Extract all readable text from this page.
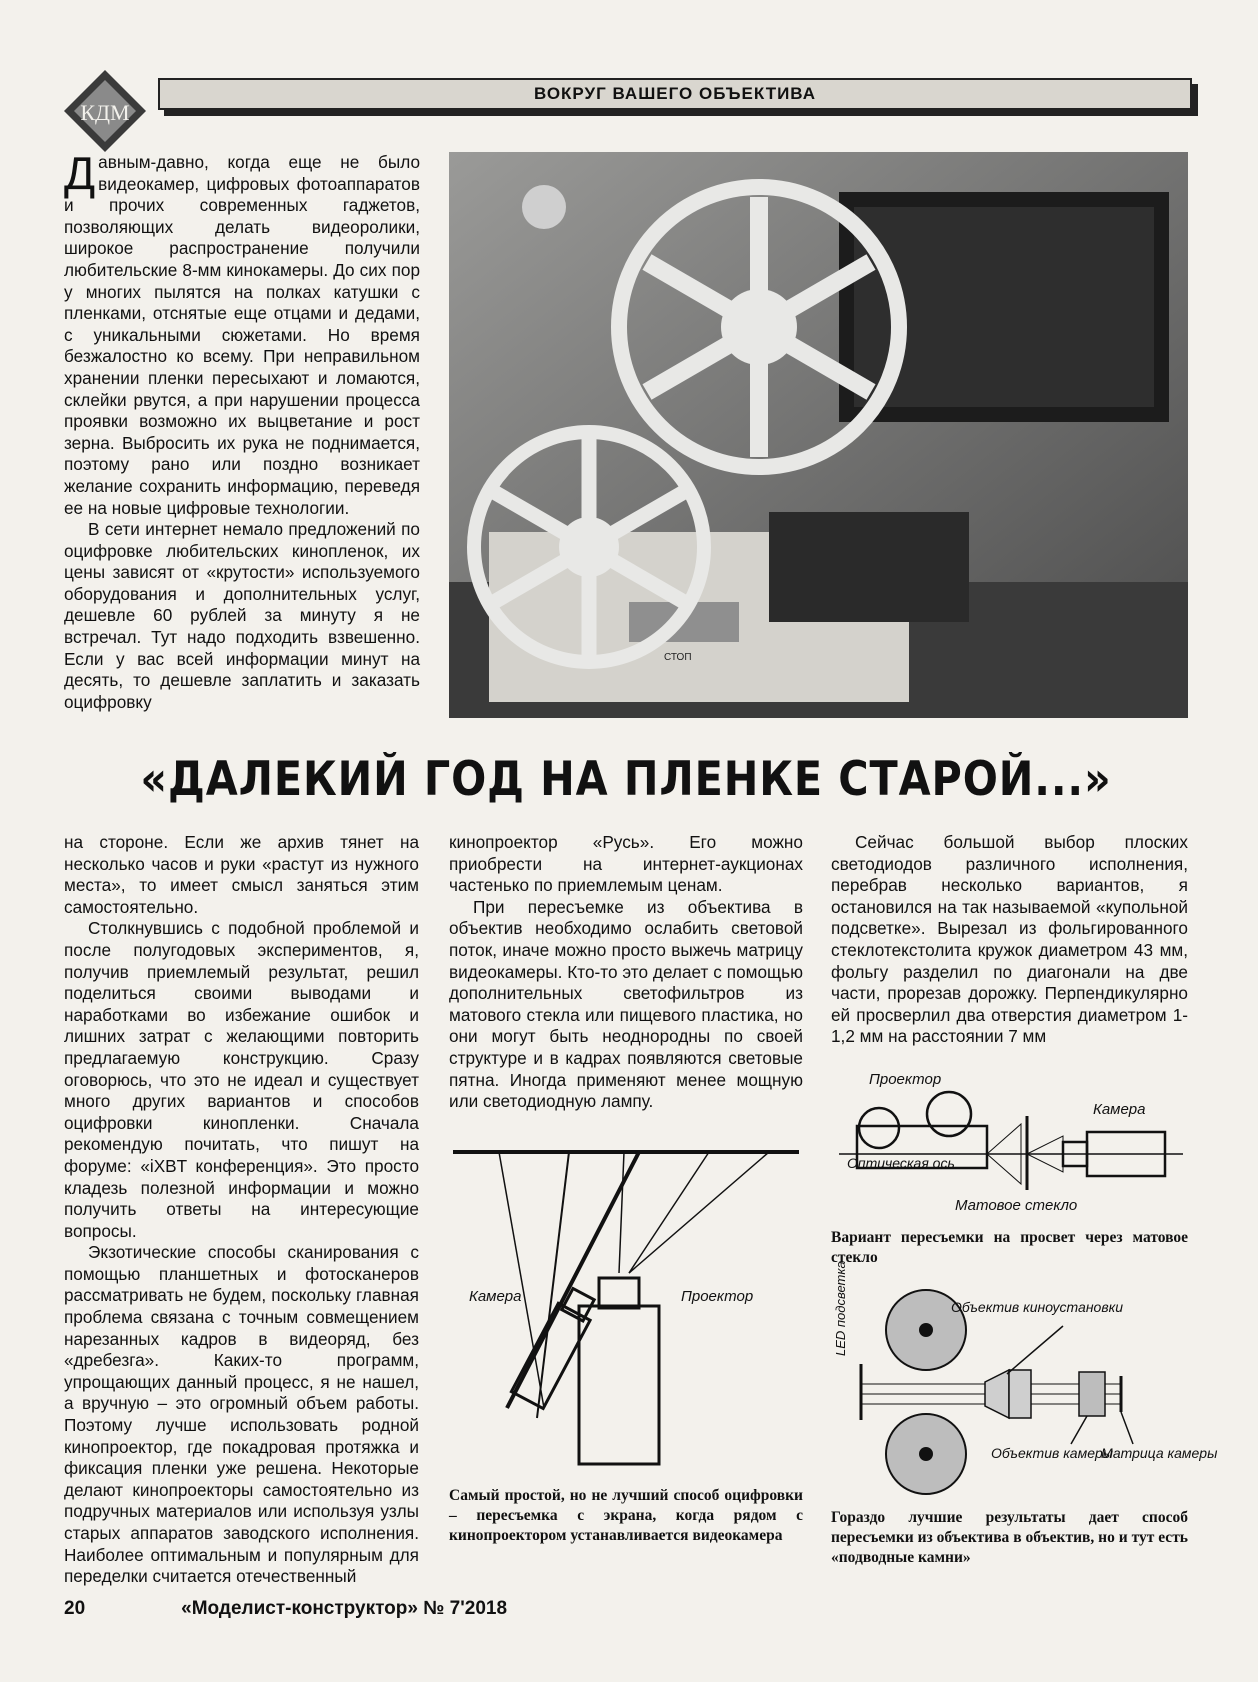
КДМ
ВОКРУГ ВАШЕГО ОБЪЕКТИВА

Давным-давно, когда еще не было видеокамер, цифровых фотоаппаратов и прочих современных гаджетов, позволяющих делать видеоролики, широкое распространение получили любительские 8-мм кинокамеры. До сих пор у многих пылятся на полках катушки с пленками, отснятые еще отцами и дедами, с уникальными сюжетами. Но время безжалостно ко всему. При неправильном хранении пленки пересыхают и ломаются, склейки рвутся, а при нарушении процесса проявки возможно их выцветание и рост зерна. Выбросить их рука не поднимается, поэтому рано или поздно возникает желание сохранить информацию, переведя ее на новые цифровые технологии.

В сети интернет немало предложений по оцифровке любительских кинопленок, их цены зависят от «крутости» используемого оборудования и дополнительных услуг, дешевле 60 рублей за минуту я не встречал. Тут надо подходить взвешенно. Если у вас всей информации минут на десять, то дешевле заплатить и заказать оцифровку

СТОП
«ДАЛЕКИЙ ГОД НА ПЛЕНКЕ СТАРОЙ...»

на стороне. Если же архив тянет на несколько часов и руки «растут из нужного места», то имеет смысл заняться этим самостоятельно.

Столкнувшись с подобной проблемой и после полугодовых экспериментов, я, получив приемлемый результат, решил поделиться своими выводами и наработками во избежание ошибок и лишних затрат с желающими повторить предлагаемую конструкцию. Сразу оговорюсь, что это не идеал и существует много других вариантов и способов оцифровки кинопленки. Сначала рекомендую почитать, что пишут на форуме: «iXBT конференция». Это просто кладезь полезной информации и можно получить ответы на интересующие вопросы.

Экзотические способы сканирования с помощью планшетных и фотосканеров рассматривать не будем, поскольку главная проблема связана с точным совмещением нарезанных кадров в видеоряд, без «дребезга». Каких-то программ, упрощающих данный процесс, я не нашел, а вручную – это огромный объем работы. Поэтому лучше использовать родной кинопроектор, где покадровая протяжка и фиксация пленки уже решена. Некоторые делают кинопроекторы самостоятельно из подручных материалов или используя узлы старых аппаратов заводского исполнения. Наиболее оптимальным и популярным для переделки считается отечественный

кинопроектор «Русь». Его можно приобрести на интернет-аукционах частенько по приемлемым ценам.

При пересъемке из объектива в объектив необходимо ослабить световой поток, иначе можно просто выжечь матрицу видеокамеры. Кто-то это делает с помощью дополнительных светофильтров из матового стекла или пищевого пластика, но они могут быть неоднородны по своей структуре и в кадрах появляются световые пятна. Иногда применяют менее мощную или светодиодную лампу.

Сейчас большой выбор плоских светодиодов различного исполнения, перебрав несколько вариантов, я остановился на так называемой «купольной подсветке». Вырезал из фольгированного стеклотекстолита кружок диаметром 43 мм, фольгу разделил по диагонали на две части, прорезав дорожку. Перпендикулярно ей просверлил два отверстия диаметром 1-1,2 мм на расстоянии 7 мм

Камера	Проектор
Самый простой, но не лучший способ оцифровки – пересъемка с экрана, когда рядом с кинопроектором устанавливается видеокамера
Проектор
Камера
Оптическая ось
Матовое стекло
Вариант пересъемки на просвет через матовое стекло
LED подсветка	Объектив киноустановки
Объектив камеры
Матрица камеры
Гораздо лучшие результаты дает способ пересъемки из объектива в объектив, но и тут есть «подводные камни»
20	«Моделист-конструктор» № 7'2018
